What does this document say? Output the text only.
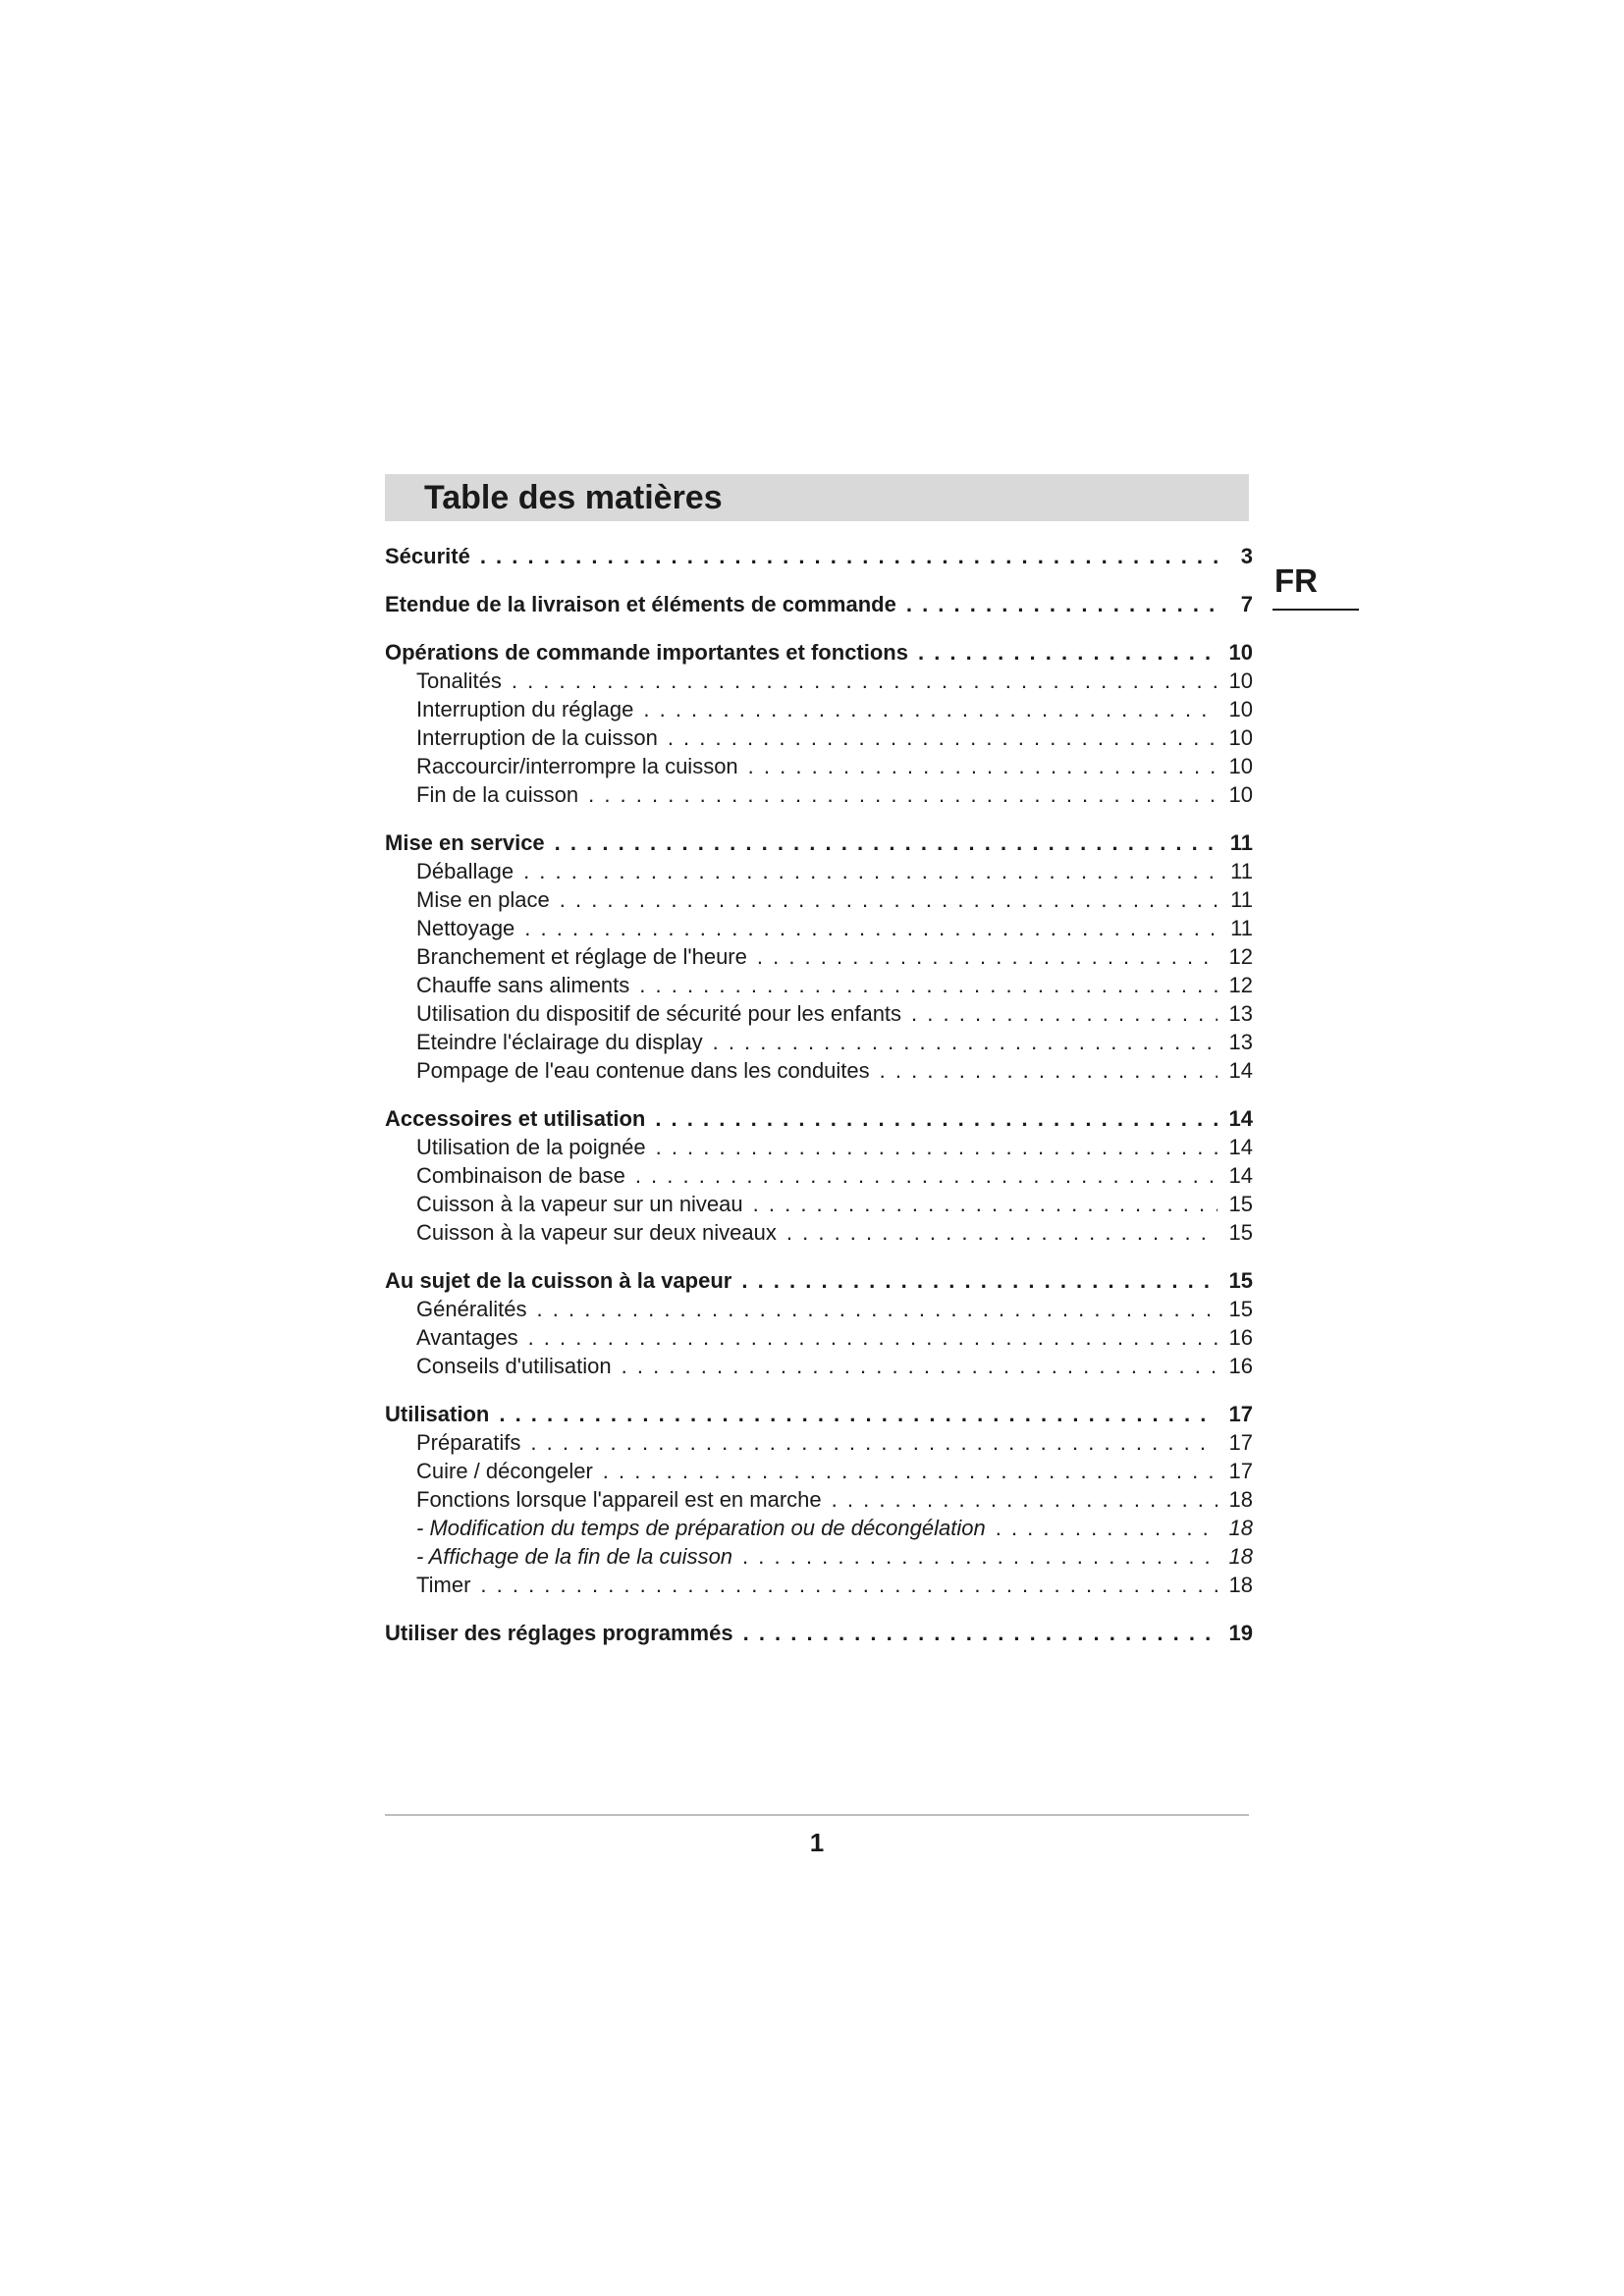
Table des matières
FR
Sécurité . . .	3
Etendue de la livraison et éléments de commande . . .	7
Opérations de commande importantes et fonctions . . .	10
Tonalités . . .	10
Interruption du réglage . . .	10
Interruption de la cuisson . . .	10
Raccourcir/interrompre la cuisson . . .	10
Fin de la cuisson . . .	10
Mise en service . . .	11
Déballage . . .	11
Mise en place . . .	11
Nettoyage . . .	11
Branchement et réglage de l'heure . . .	12
Chauffe sans aliments . . .	12
Utilisation du dispositif de sécurité pour les enfants . . .	13
Eteindre l'éclairage du display . . .	13
Pompage de l'eau contenue dans les conduites . . .	14
Accessoires et utilisation . . .	14
Utilisation de la poignée . . .	14
Combinaison de base . . .	14
Cuisson à la vapeur sur un niveau . . .	15
Cuisson à la vapeur sur deux niveaux . . .	15
Au sujet de la cuisson à la vapeur . . .	15
Généralités . . .	15
Avantages . . .	16
Conseils d'utilisation . . .	16
Utilisation . . .	17
Préparatifs . . .	17
Cuire / décongeler . . .	17
Fonctions lorsque l'appareil est en marche . . .	18
- Modification du temps de préparation ou de décongélation . . .	18
- Affichage de la fin de la cuisson . . .	18
Timer . . .	18
Utiliser des réglages programmés . . .	19
1
